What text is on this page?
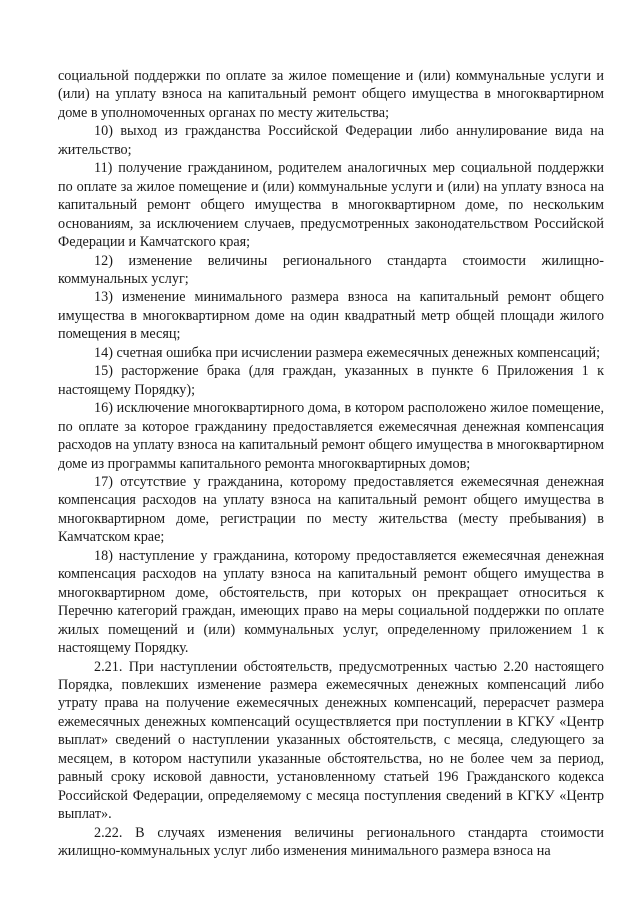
социальной поддержки по оплате за жилое помещение и (или) коммунальные услуги и (или) на уплату взноса на капитальный ремонт общего имущества в многоквартирном доме в уполномоченных органах по месту жительства;

10) выход из гражданства Российской Федерации либо аннулирование вида на жительство;

11) получение гражданином, родителем аналогичных мер социальной поддержки по оплате за жилое помещение и (или) коммунальные услуги и (или) на уплату взноса на капитальный ремонт общего имущества в многоквартирном доме, по нескольким основаниям, за исключением случаев, предусмотренных законодательством Российской Федерации и Камчатского края;

12) изменение величины регионального стандарта стоимости жилищно-коммунальных услуг;

13) изменение минимального размера взноса на капитальный ремонт общего имущества в многоквартирном доме на один квадратный метр общей площади жилого помещения в месяц;

14) счетная ошибка при исчислении размера ежемесячных денежных компенсаций;

15) расторжение брака (для граждан, указанных в пункте 6 Приложения 1 к настоящему Порядку);

16) исключение многоквартирного дома, в котором расположено жилое помещение, по оплате за которое гражданину предоставляется ежемесячная денежная компенсация расходов на уплату взноса на капитальный ремонт общего имущества в многоквартирном доме из программы капитального ремонта многоквартирных домов;

17) отсутствие у гражданина, которому предоставляется ежемесячная денежная компенсация расходов на уплату взноса на капитальный ремонт общего имущества в многоквартирном доме, регистрации по месту жительства (месту пребывания) в Камчатском крае;

18) наступление у гражданина, которому предоставляется ежемесячная денежная компенсация расходов на уплату взноса на капитальный ремонт общего имущества в многоквартирном доме, обстоятельств, при которых он прекращает относиться к Перечню категорий граждан, имеющих право на меры социальной поддержки по оплате жилых помещений и (или) коммунальных услуг, определенному приложением 1 к настоящему Порядку.

2.21. При наступлении обстоятельств, предусмотренных частью 2.20 настоящего Порядка, повлекших изменение размера ежемесячных денежных компенсаций либо утрату права на получение ежемесячных денежных компенсаций, перерасчет размера ежемесячных денежных компенсаций осуществляется при поступлении в КГКУ «Центр выплат» сведений о наступлении указанных обстоятельств, с месяца, следующего за месяцем, в котором наступили указанные обстоятельства, но не более чем за период, равный сроку исковой давности, установленному статьей 196 Гражданского кодекса Российской Федерации, определяемому с месяца поступления сведений в КГКУ «Центр выплат».

2.22. В случаях изменения величины регионального стандарта стоимости жилищно-коммунальных услуг либо изменения минимального размера взноса на
